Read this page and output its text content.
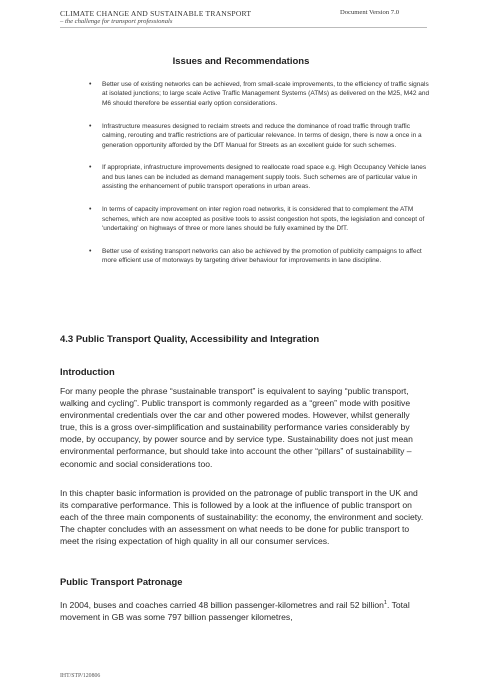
CLIMATE CHANGE AND SUSTAINABLE TRANSPORT
– the challenge for transport professionals
Document Version 7.0
Issues and Recommendations
• Better use of existing networks can be achieved, from small-scale improvements, to the efficiency of traffic signals at isolated junctions; to large scale Active Traffic Management Systems (ATMs) as delivered on the M25, M42 and M6 should therefore be essential early option considerations.
• Infrastructure measures designed to reclaim streets and reduce the dominance of road traffic through traffic calming, rerouting and traffic restrictions are of particular relevance. In terms of design, there is now a once in a generation opportunity afforded by the DfT Manual for Streets as an excellent guide for such schemes.
• If appropriate, infrastructure improvements designed to reallocate road space e.g. High Occupancy Vehicle lanes and bus lanes can be included as demand management supply tools. Such schemes are of particular value in assisting the enhancement of public transport operations in urban areas.
• In terms of capacity improvement on inter region road networks, it is considered that to complement the ATM schemes, which are now accepted as positive tools to assist congestion hot spots, the legislation and concept of 'undertaking' on highways of three or more lanes should be fully examined by the DfT.
• Better use of existing transport networks can also be achieved by the promotion of publicity campaigns to affect more efficient use of motorways by targeting driver behaviour for improvements in lane discipline.
4.3 Public Transport Quality, Accessibility and Integration
Introduction

For many people the phrase “sustainable transport” is equivalent to saying “public transport, walking and cycling”. Public transport is commonly regarded as a “green” mode with positive environmental credentials over the car and other powered modes. However, whilst generally true, this is a gross over-simplification and sustainability performance varies considerably by mode, by occupancy, by power source and by service type. Sustainability does not just mean environmental performance, but should take into account the other “pillars” of sustainability – economic and social considerations too.

In this chapter basic information is provided on the patronage of public transport in the UK and its comparative performance. This is followed by a look at the influence of public transport on each of the three main components of sustainability: the economy, the environment and society. The chapter concludes with an assessment on what needs to be done for public transport to meet the rising expectation of high quality in all our consumer services.

Public Transport Patronage

In 2004, buses and coaches carried 48 billion passenger-kilometres and rail 52 billion$^1$. Total movement in GB was some 797 billion passenger kilometres,

IHT/STP/120806
